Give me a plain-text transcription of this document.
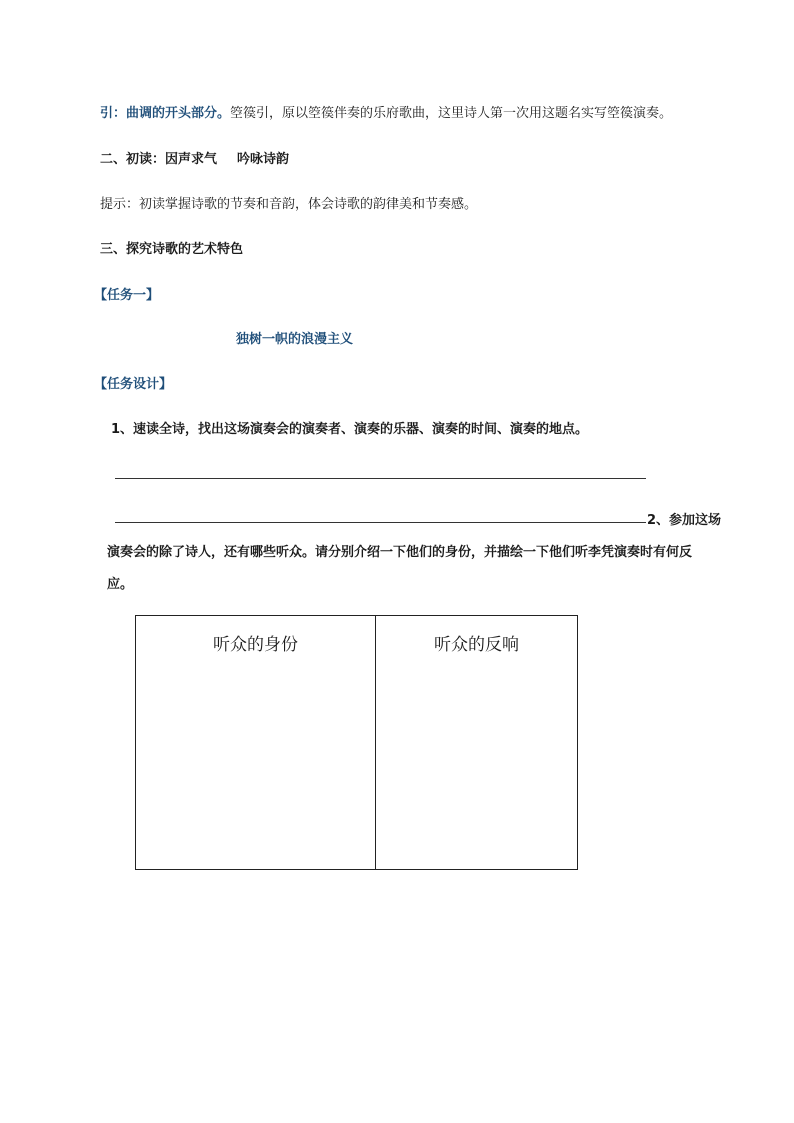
引：曲调的开头部分。箜篌引，原以箜篌伴奏的乐府歌曲，这里诗人第一次用这题名实写箜篌演奏。
二、初读：因声求气 吟咏诗韵
提示：初读掌握诗歌的节奏和音韵，体会诗歌的韵律美和节奏感。
三、探究诗歌的艺术特色
【任务一】
独树一帜的浪漫主义
【任务设计】
1、速读全诗，找出这场演奏会的演奏者、演奏的乐器、演奏的时间、演奏的地点。
2、参加这场
演奏会的除了诗人，还有哪些听众。请分别介绍一下他们的身份，并描绘一下他们听李凭演奏时有何反
应。
听众的身份	听众的反响
